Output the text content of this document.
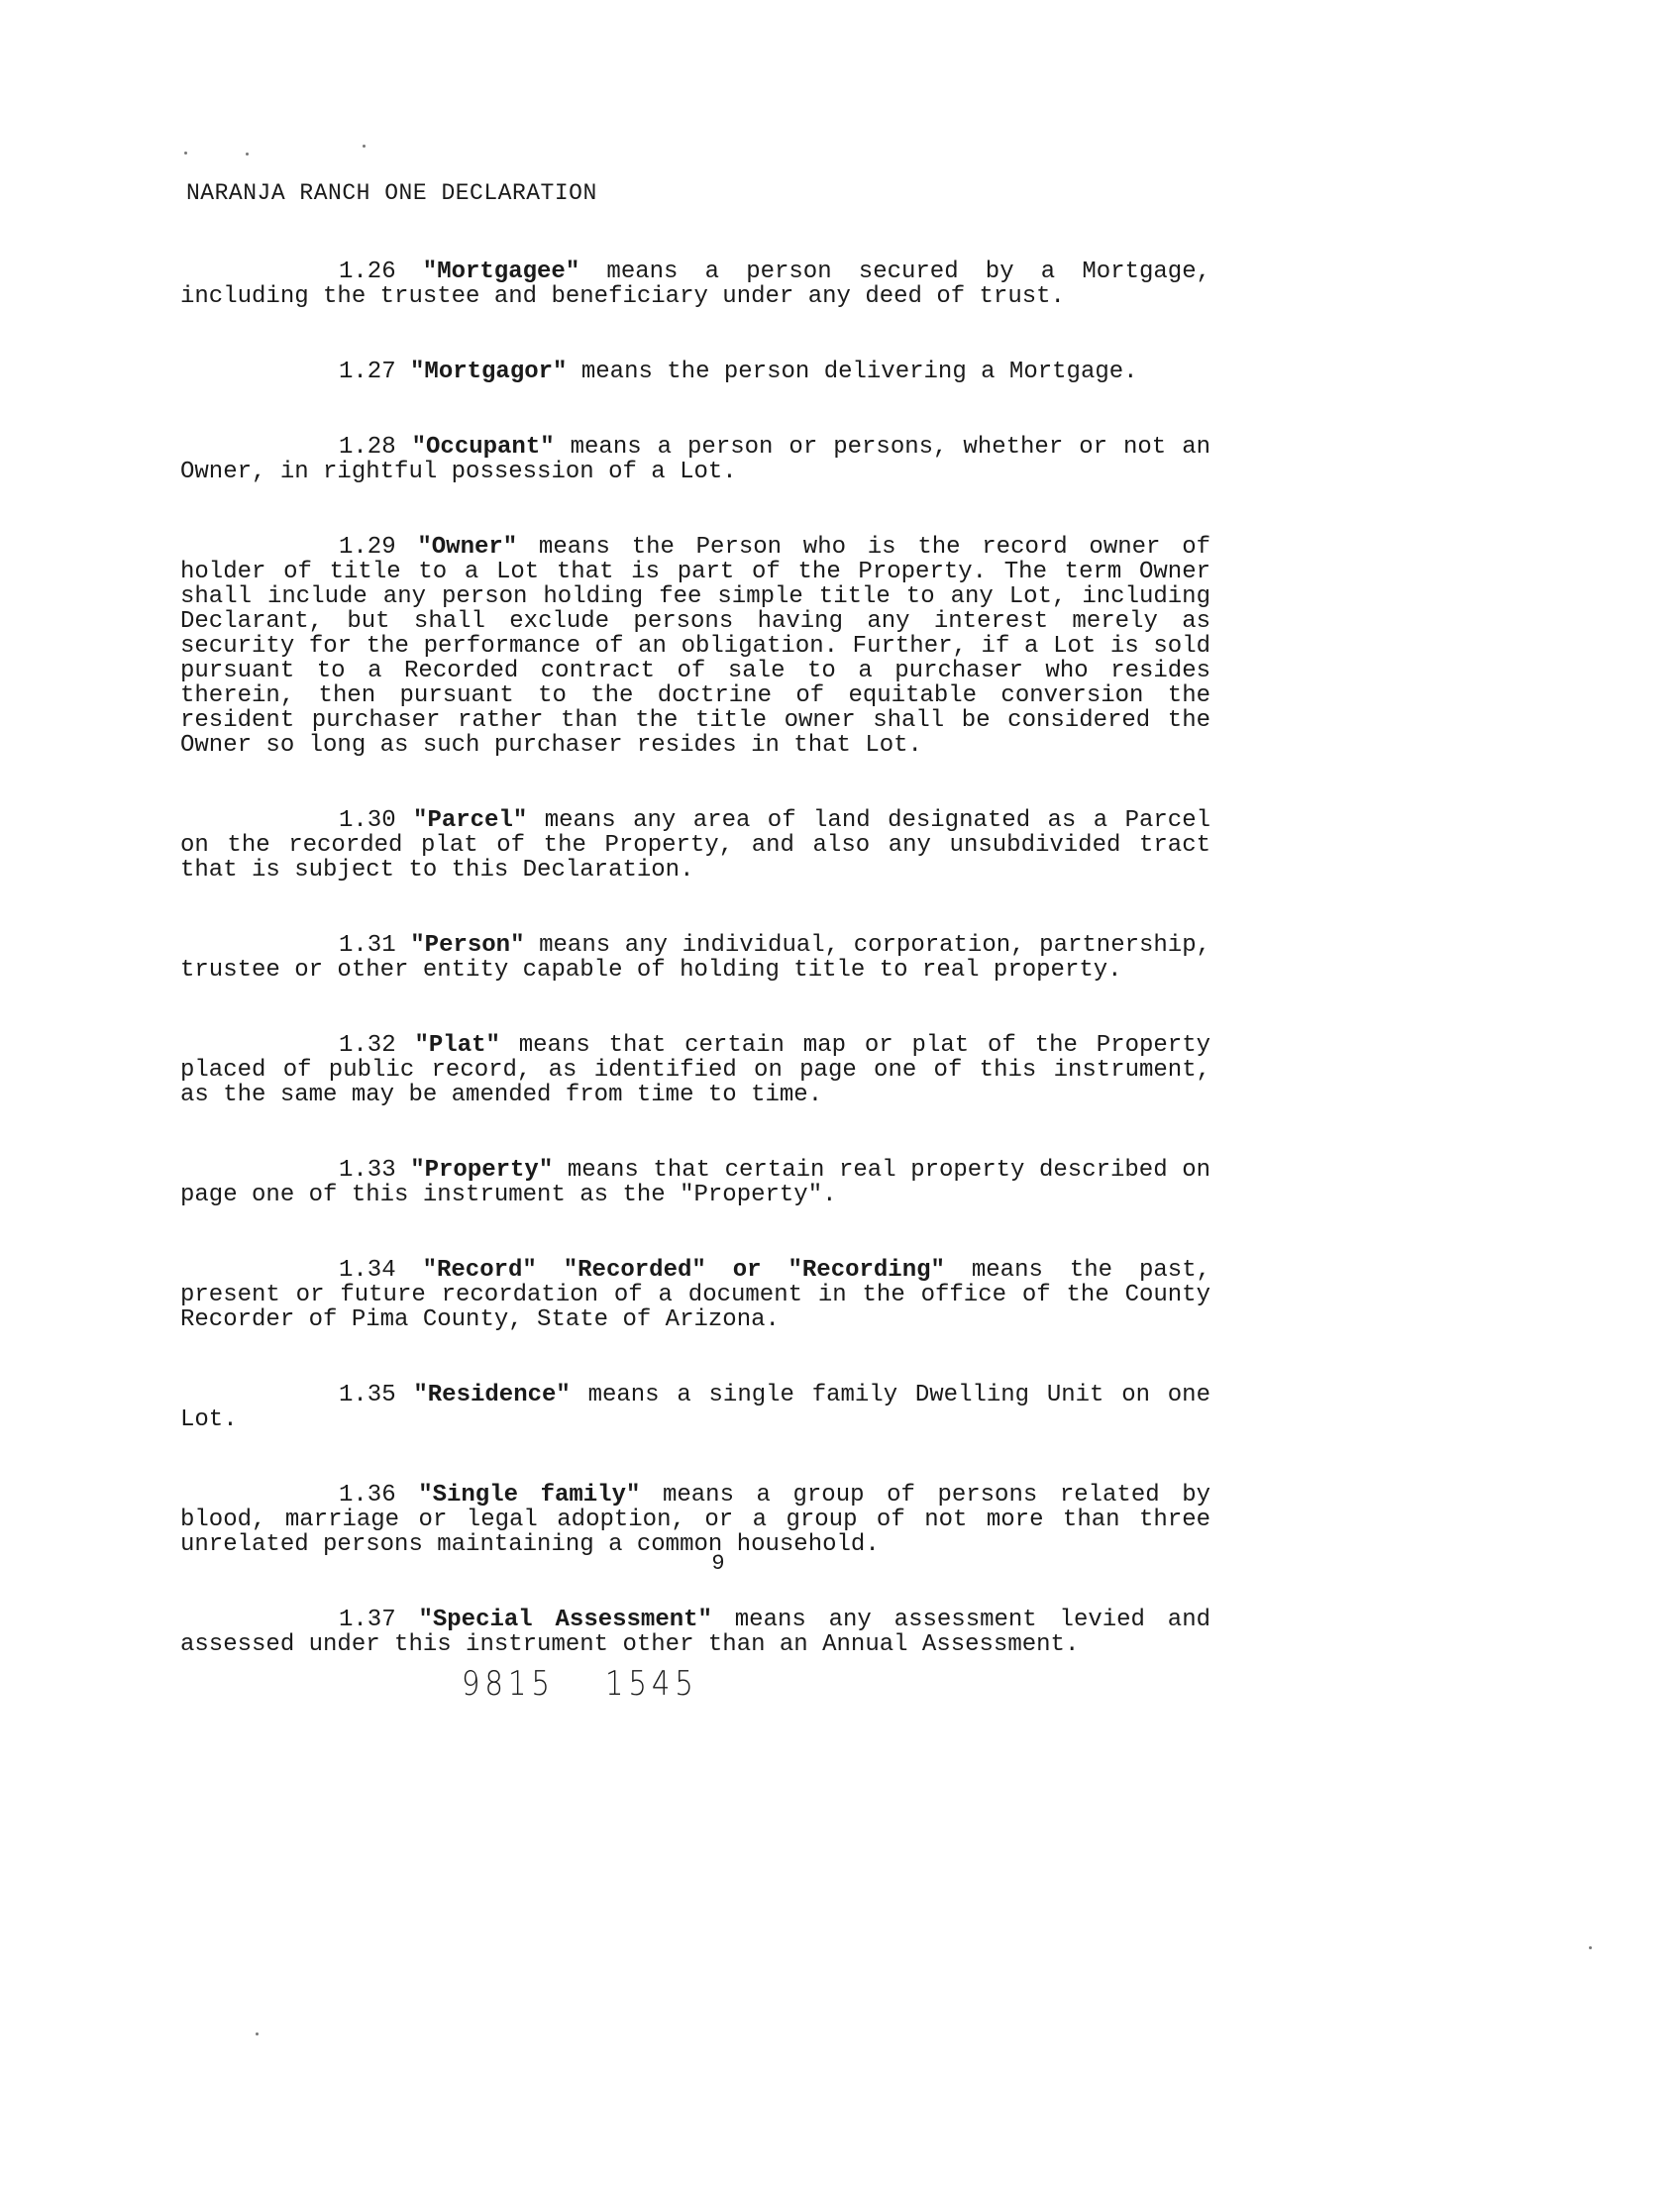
NARANJA RANCH ONE DECLARATION

1.26 "Mortgagee" means a person secured by a Mortgage, including the trustee and beneficiary under any deed of trust.

1.27 "Mortgagor" means the person delivering a Mortgage.

1.28 "Occupant" means a person or persons, whether or not an Owner, in rightful possession of a Lot.

1.29 "Owner" means the Person who is the record owner of holder of title to a Lot that is part of the Property. The term Owner shall include any person holding fee simple title to any Lot, including Declarant, but shall exclude persons having any interest merely as security for the performance of an obligation. Further, if a Lot is sold pursuant to a Recorded contract of sale to a purchaser who resides therein, then pursuant to the doctrine of equitable conversion the resident purchaser rather than the title owner shall be considered the Owner so long as such purchaser resides in that Lot.

1.30 "Parcel" means any area of land designated as a Parcel on the recorded plat of the Property, and also any unsubdivided tract that is subject to this Declaration.

1.31 "Person" means any individual, corporation, partnership, trustee or other entity capable of holding title to real property.

1.32 "Plat" means that certain map or plat of the Property placed of public record, as identified on page one of this instrument, as the same may be amended from time to time.

1.33 "Property" means that certain real property described on page one of this instrument as the "Property".

1.34 "Record" "Recorded" or "Recording" means the past, present or future recordation of a document in the office of the County Recorder of Pima County, State of Arizona.

1.35 "Residence" means a single family Dwelling Unit on one Lot.

1.36 "Single family" means a group of persons related by blood, marriage or legal adoption, or a group of not more than three unrelated persons maintaining a common household.

1.37 "Special Assessment" means any assessment levied and assessed under this instrument other than an Annual Assessment.

9
9815 1545
